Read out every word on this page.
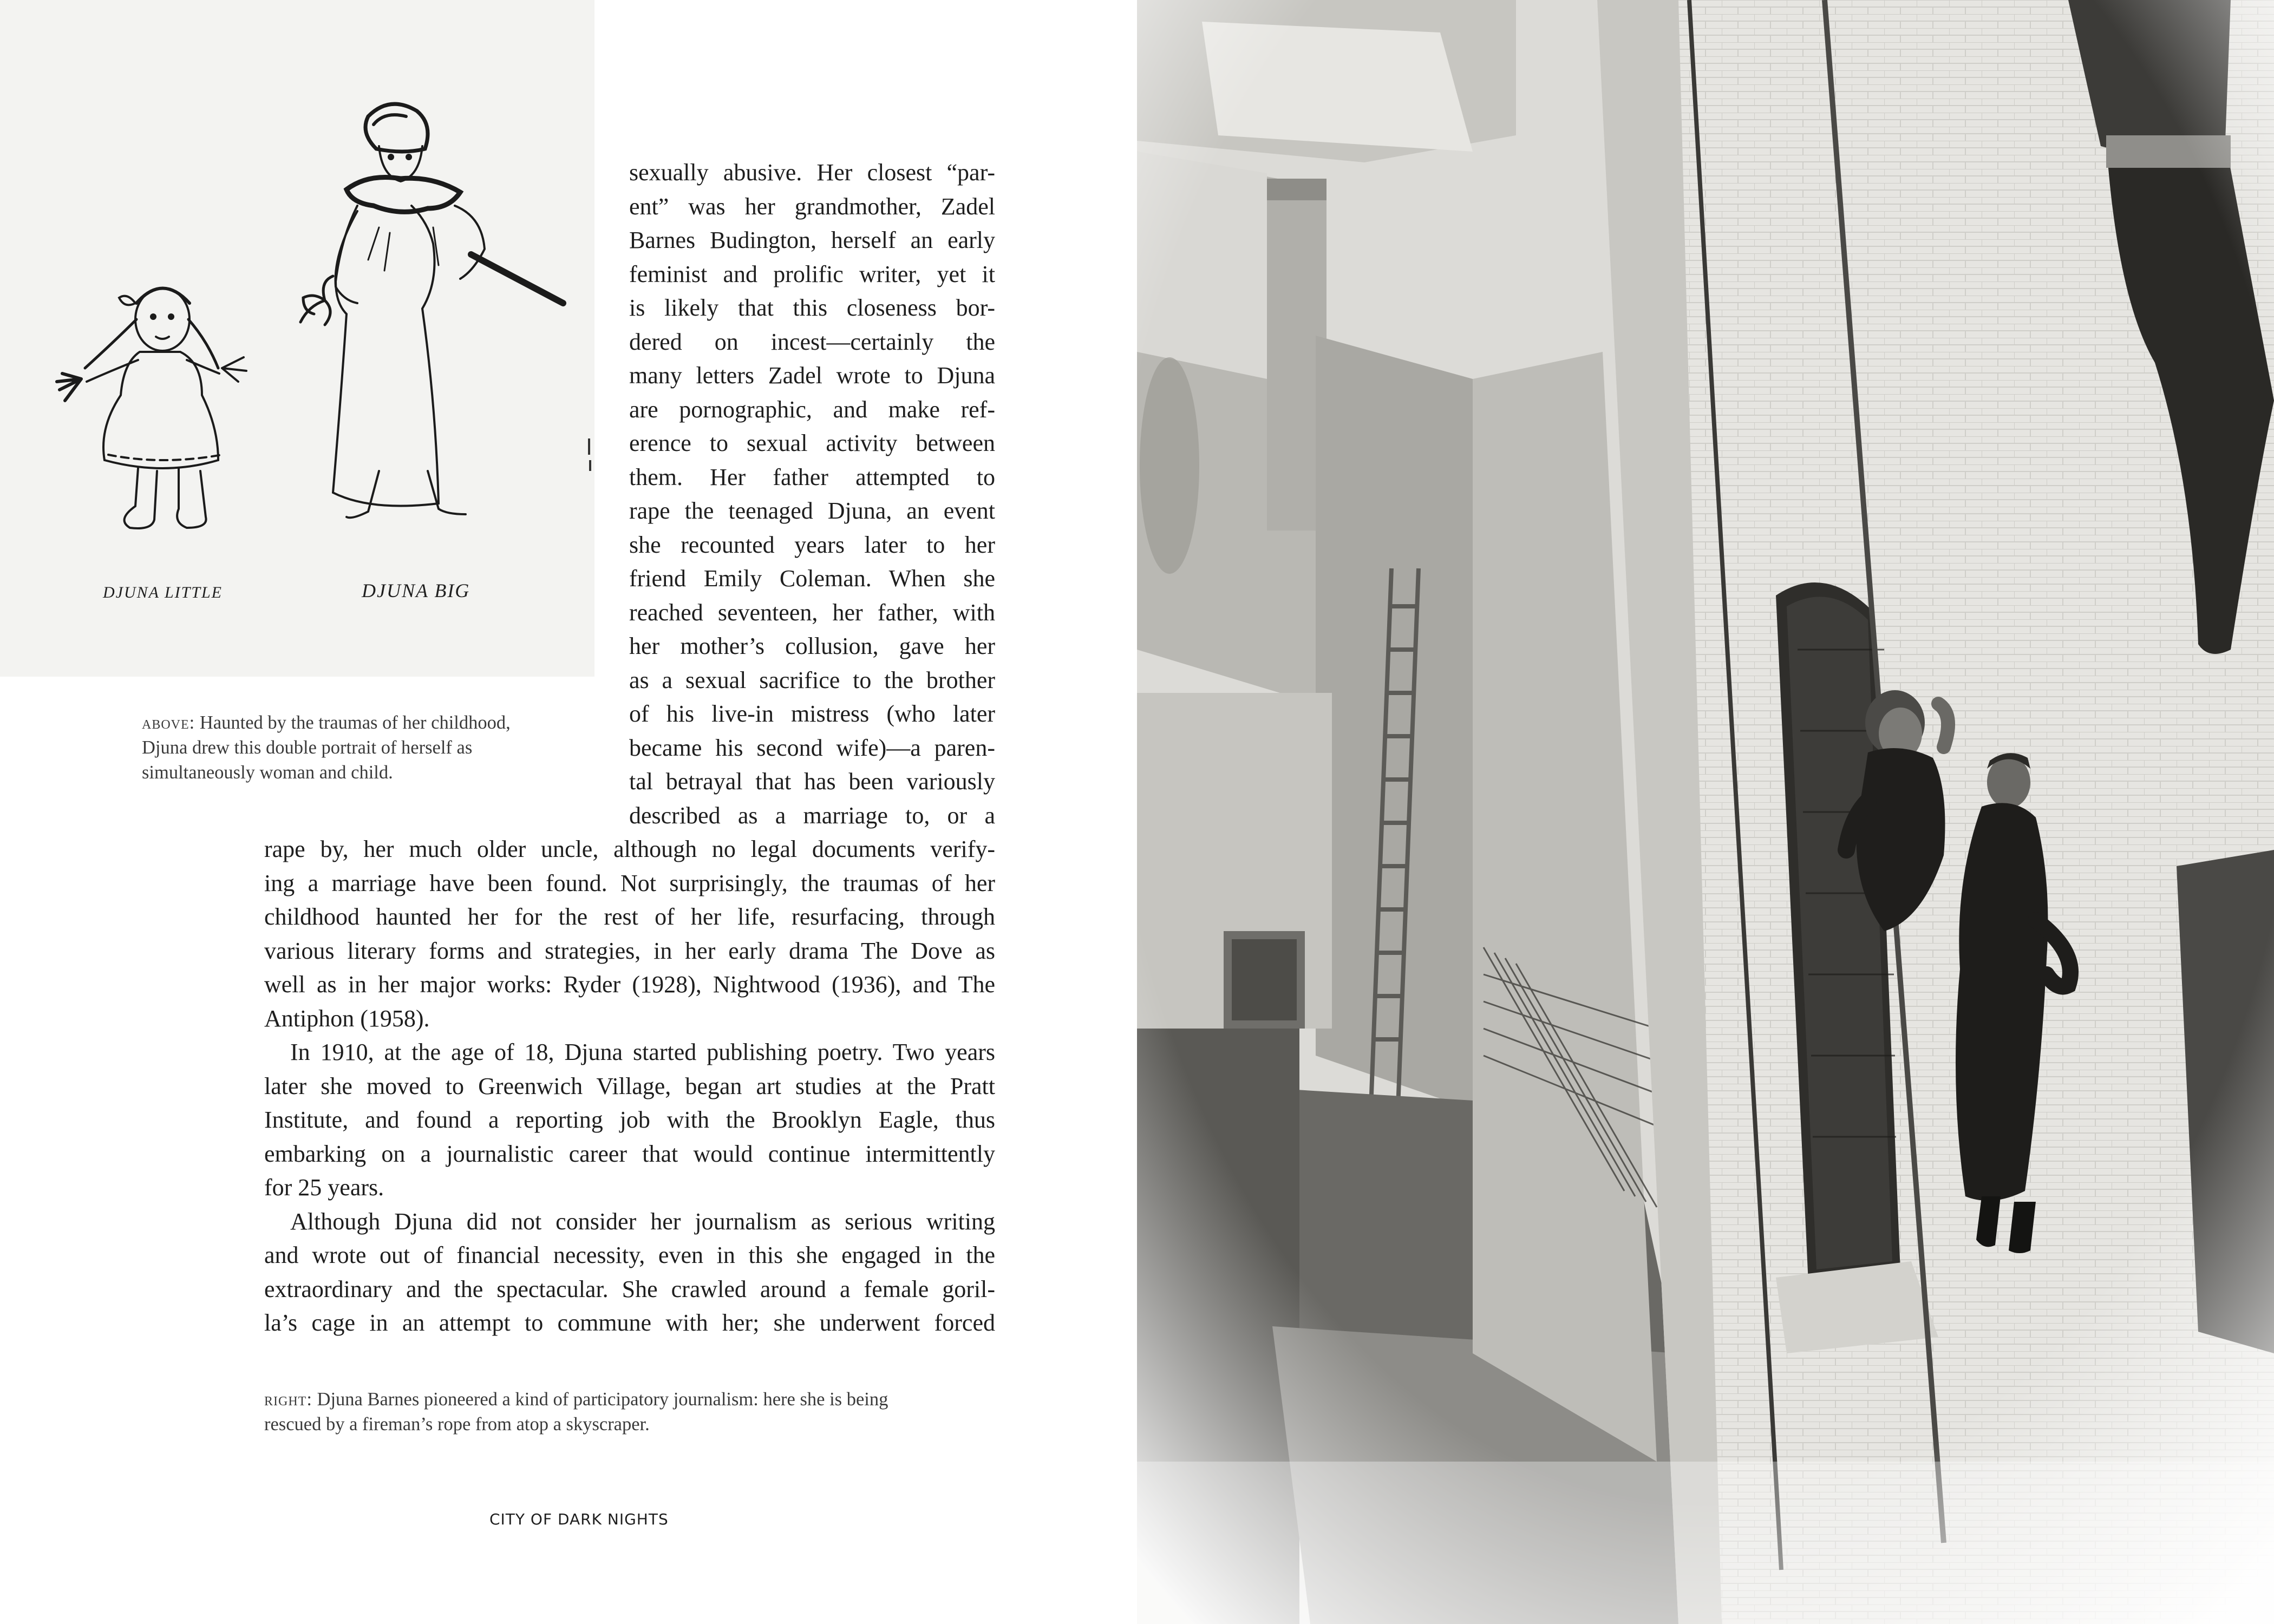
DJUNA LITTLE	DJUNA BIG
above: Haunted by the traumas of her childhood,
Djuna drew this double portrait of herself as
simultaneously woman and child.
sexually abusive. Her closest “par-
ent” was her grandmother, Zadel
Barnes Budington, herself an early
feminist and prolific writer, yet it
is likely that this closeness bor-
dered on incest—certainly the
many letters Zadel wrote to Djuna
are pornographic, and make ref-
erence to sexual activity between
them. Her father attempted to
rape the teenaged Djuna, an event
she recounted years later to her
friend Emily Coleman. When she
reached seventeen, her father, with
her mother’s collusion, gave her
as a sexual sacrifice to the brother
of his live-in mistress (who later
became his second wife)—a paren-
tal betrayal that has been variously
described as a marriage to, or a
rape by, her much older uncle, although no legal documents verify-
ing a marriage have been found. Not surprisingly, the traumas of her
childhood haunted her for the rest of her life, resurfacing, through
various literary forms and strategies, in her early drama The Dove as
well as in her major works: Ryder (1928), Nightwood (1936), and The
Antiphon (1958).
In 1910, at the age of 18, Djuna started publishing poetry. Two years
later she moved to Greenwich Village, began art studies at the Pratt
Institute, and found a reporting job with the Brooklyn Eagle, thus
embarking on a journalistic career that would continue intermittently
for 25 years.
Although Djuna did not consider her journalism as serious writing
and wrote out of financial necessity, even in this she engaged in the
extraordinary and the spectacular. She crawled around a female goril-
la’s cage in an attempt to commune with her; she underwent forced
right: Djuna Barnes pioneered a kind of participatory journalism: here she is being
rescued by a fireman’s rope from atop a skyscraper.
CITY OF DARK NIGHTS
